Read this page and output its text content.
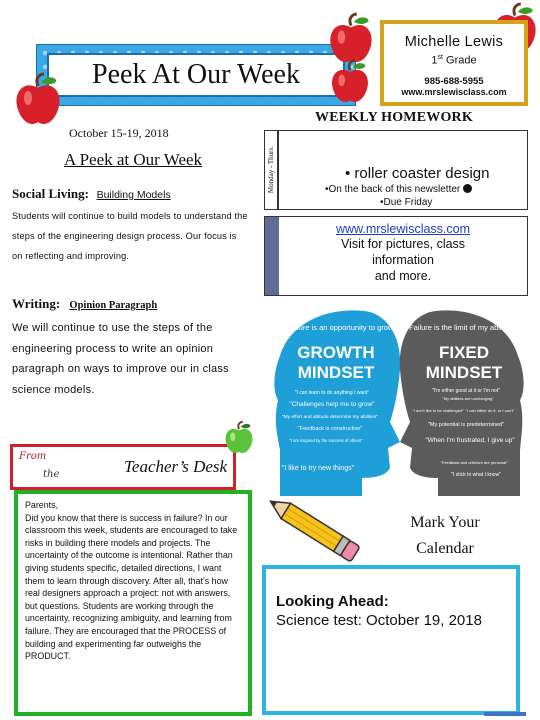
Peek At Our Week
Michelle Lewis
1st Grade
985-688-5955
www.mrslewisclass.com
October 15-19, 2018
WEEKLY HOMEWORK
A Peek at Our Week
Social Living: Building Models
Students will continue to build models to understand the steps of the engineering design process. Our focus is on reflecting and improving.
Writing: Opinion Paragraph
We will continue to use the steps of the engineering process to write an opinion paragraph on ways to improve our in class science models.
Monday - Thurs.	• roller coaster design
•On the back of this newsletter
•Due Friday
www.mrslewisclass.com
Visit for pictures, class
information
and more.
"Failure is an opportunity to grow"
GROWTH
MINDSET
"I can learn to do anything I want"
"Challenges help me to grow"
"My effort and attitude determine my abilities"
"Feedback is constructive"
"I am inspired by the success of others"
"I like to try new things"
"Failure is the limit of my abilities"
FIXED
MINDSET
"I'm either good at it or I'm not"
"My abilities are unchanging"
"I don't like to be challenged" "I can either do it, or I can't"
"My potential is predetermined"
"When I'm frustrated, I give up"
"Feedback and criticism are personal"
"I stick to what I know"
From
the	Teacher’s Desk
Parents,
Did you know that there is success in failure? In our classroom this week, students are encouraged to take risks in building there models and projects. The uncertainty of the outcome is intentional. Rather than giving students specific, detailed directions, I want them to learn through discovery. After all, that’s how real designers approach a project: not with answers, but questions. Students are working through the uncertainty, recognizing ambiguity, and learning from failure. They are encouraged that the PROCESS of building and experimenting far outweighs the PRODUCT.
Mark Your
Calendar
Looking Ahead:
Science test: October 19, 2018
